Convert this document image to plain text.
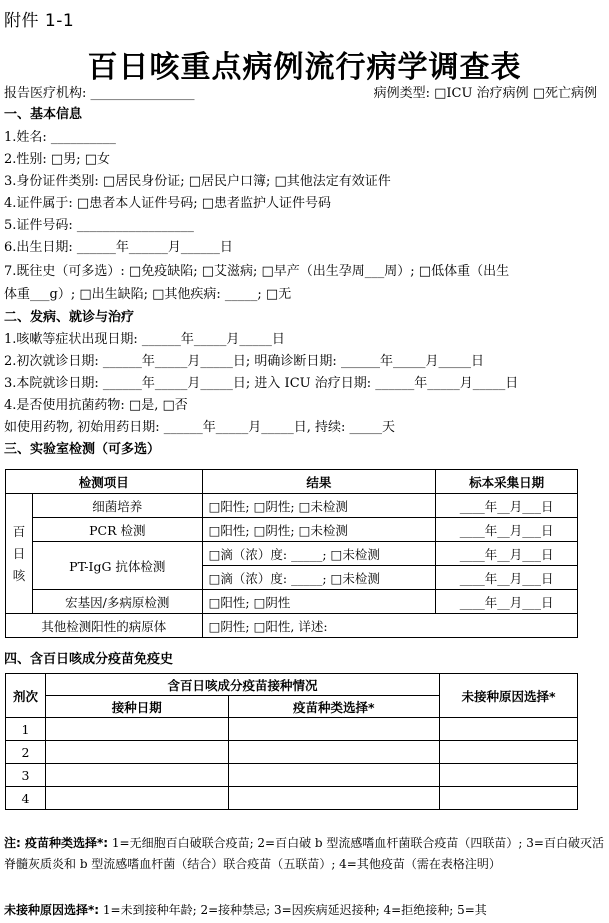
附件 1-1
百日咳重点病例流行病学调查表
报告医疗机构: ________________	病例类型: □ICU 治疗病例 □死亡病例
一、基本信息
1.姓名: __________
2.性别: □男; □女
3.身份证件类别: □居民身份证; □居民户口簿; □其他法定有效证件
4.证件属于: □患者本人证件号码; □患者监护人证件号码
5.证件号码: __________________
6.出生日期: ______年______月______日
7.既往史（可多选）: □免疫缺陷; □艾滋病; □早产（出生孕周___周）; □低体重（出生
体重___g）; □出生缺陷; □其他疾病: _____; □无
二、发病、就诊与治疗
1.咳嗽等症状出现日期: ______年_____月_____日
2.初次就诊日期: ______年_____月_____日; 明确诊断日期: ______年_____月_____日
3.本院就诊日期: ______年_____月_____日; 进入 ICU 治疗日期: ______年_____月_____日
4.是否使用抗菌药物: □是, □否
如使用药物, 初始用药日期: ______年_____月_____日, 持续: _____天
三、实验室检测（可多选）
检测项目		结果	标本采集日期
百日咳	细菌培养	□阳性; □阴性; □未检测	____年__月___日
	PCR 检测	□阳性; □阴性; □未检测	____年__月___日
	PT-IgG 抗体检测	□滴（浓）度: _____; □未检测	____年__月___日
		□滴（浓）度: _____; □未检测	____年__月___日
	宏基因/多病原检测	□阳性; □阴性	____年__月___日
其他检测阳性的病原体		□阴性; □阳性, 详述:	
四、含百日咳成分疫苗免疫史
剂次	含百日咳成分疫苗接种情况		未接种原因选择*
	接种日期	疫苗种类选择*	
1			
2			
3			
4			
注: 疫苗种类选择*: 1=无细胞百白破联合疫苗; 2=百白破 b 型流感嗜血杆菌联合疫苗（四联苗）; 3=百白破灭活脊髓灰质炎和 b 型流感嗜血杆菌（结合）联合疫苗（五联苗）; 4=其他疫苗（需在表格注明）
未接种原因选择*: 1=未到接种年龄; 2=接种禁忌; 3=因疾病延迟接种; 4=拒绝接种; 5=其
